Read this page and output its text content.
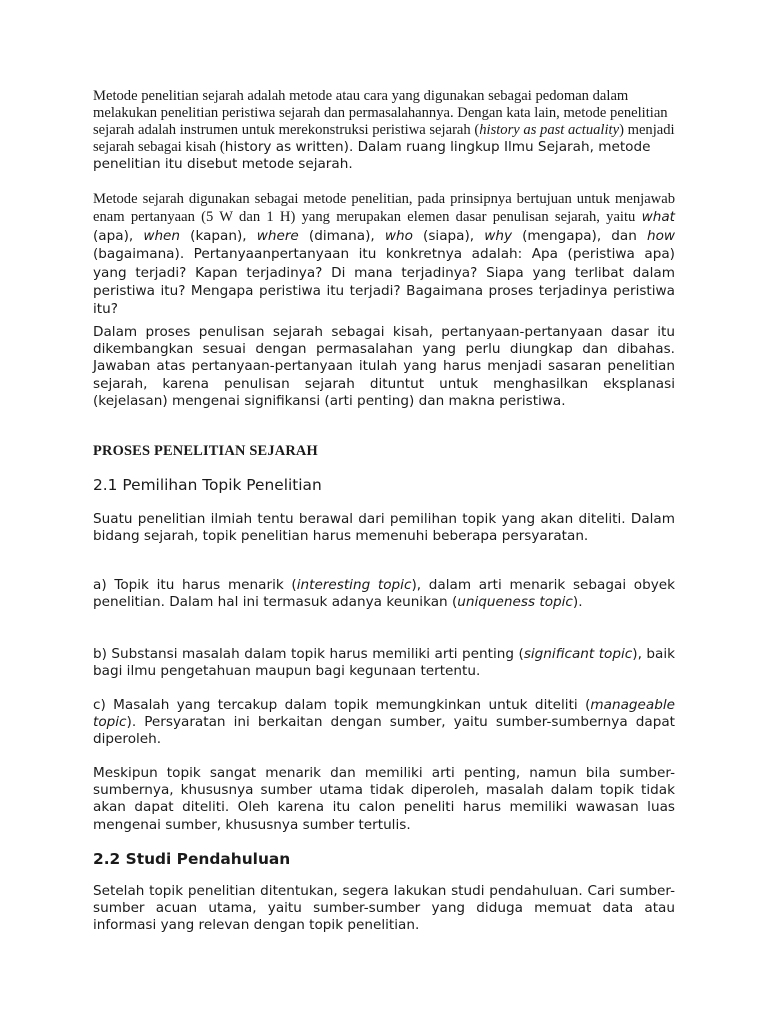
Metode penelitian sejarah adalah metode atau cara yang digunakan sebagai pedoman dalam melakukan penelitian peristiwa sejarah dan permasalahannya. Dengan kata lain, metode penelitian sejarah adalah instrumen untuk merekonstruksi peristiwa sejarah (history as past actuality) menjadi sejarah sebagai kisah (history as written). Dalam ruang lingkup Ilmu Sejarah, metode penelitian itu disebut metode sejarah.

Metode sejarah digunakan sebagai metode penelitian, pada prinsipnya bertujuan untuk menjawab enam pertanyaan (5 W dan 1 H) yang merupakan elemen dasar penulisan sejarah, yaitu what (apa), when (kapan), where (dimana), who (siapa), why (mengapa), dan how (bagaimana). Pertanyaanpertanyaan itu konkretnya adalah: Apa (peristiwa apa) yang terjadi? Kapan terjadinya? Di mana terjadinya? Siapa yang terlibat dalam peristiwa itu? Mengapa peristiwa itu terjadi? Bagaimana proses terjadinya peristiwa itu?

Dalam proses penulisan sejarah sebagai kisah, pertanyaan-pertanyaan dasar itu dikembangkan sesuai dengan permasalahan yang perlu diungkap dan dibahas. Jawaban atas pertanyaan-pertanyaan itulah yang harus menjadi sasaran penelitian sejarah, karena penulisan sejarah dituntut untuk menghasilkan eksplanasi (kejelasan) mengenai signifikansi (arti penting) dan makna peristiwa.

PROSES PENELITIAN SEJARAH

2.1 Pemilihan Topik Penelitian

Suatu penelitian ilmiah tentu berawal dari pemilihan topik yang akan diteliti. Dalam bidang sejarah, topik penelitian harus memenuhi beberapa persyaratan.

a) Topik itu harus menarik (interesting topic), dalam arti menarik sebagai obyek penelitian. Dalam hal ini termasuk adanya keunikan (uniqueness topic).

b) Substansi masalah dalam topik harus memiliki arti penting (significant topic), baik bagi ilmu pengetahuan maupun bagi kegunaan tertentu.

c) Masalah yang tercakup dalam topik memungkinkan untuk diteliti (manageable topic). Persyaratan ini berkaitan dengan sumber, yaitu sumber-sumbernya dapat diperoleh.

Meskipun topik sangat menarik dan memiliki arti penting, namun bila sumber-sumbernya, khususnya sumber utama tidak diperoleh, masalah dalam topik tidak akan dapat diteliti. Oleh karena itu calon peneliti harus memiliki wawasan luas mengenai sumber, khususnya sumber tertulis.

2.2 Studi Pendahuluan

Setelah topik penelitian ditentukan, segera lakukan studi pendahuluan. Cari sumber-sumber acuan utama, yaitu sumber-sumber yang diduga memuat data atau informasi yang relevan dengan topik penelitian.
